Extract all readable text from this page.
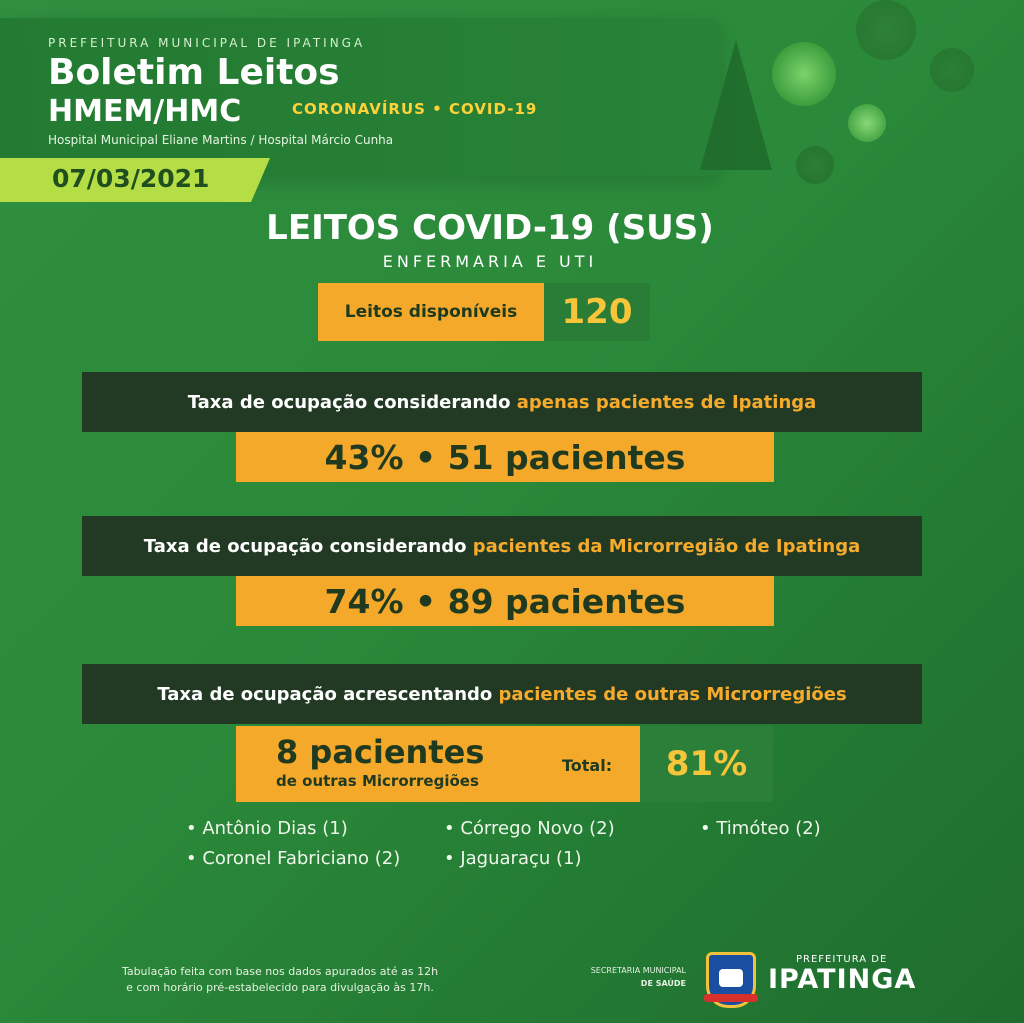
PREFEITURA MUNICIPAL DE IPATINGA
Boletim Leitos
HMEM/HMC	CORONAVÍRUS • COVID-19
Hospital Municipal Eliane Martins / Hospital Márcio Cunha
07/03/2021
LEITOS COVID-19 (SUS)
ENFERMARIA E UTI
Leitos disponíveis	120
Taxa de ocupação considerando apenas pacientes de Ipatinga
43% • 51 pacientes
Taxa de ocupação considerando pacientes da Microrregião de Ipatinga
74% • 89 pacientes
Taxa de ocupação acrescentando pacientes de outras Microrregiões
8 pacientes
de outras Microrregiões
Total:	81%
• Antônio Dias (1)	• Córrego Novo (2)	• Timóteo (2)
• Coronel Fabriciano (2) • Jaguaraçu (1)
Tabulação feita com base nos dados apurados até as 12h
e com horário pré-estabelecido para divulgação às 17h.
SECRETARIA MUNICIPAL
DE SAÚDE
PREFEITURA DE
IPATINGA
